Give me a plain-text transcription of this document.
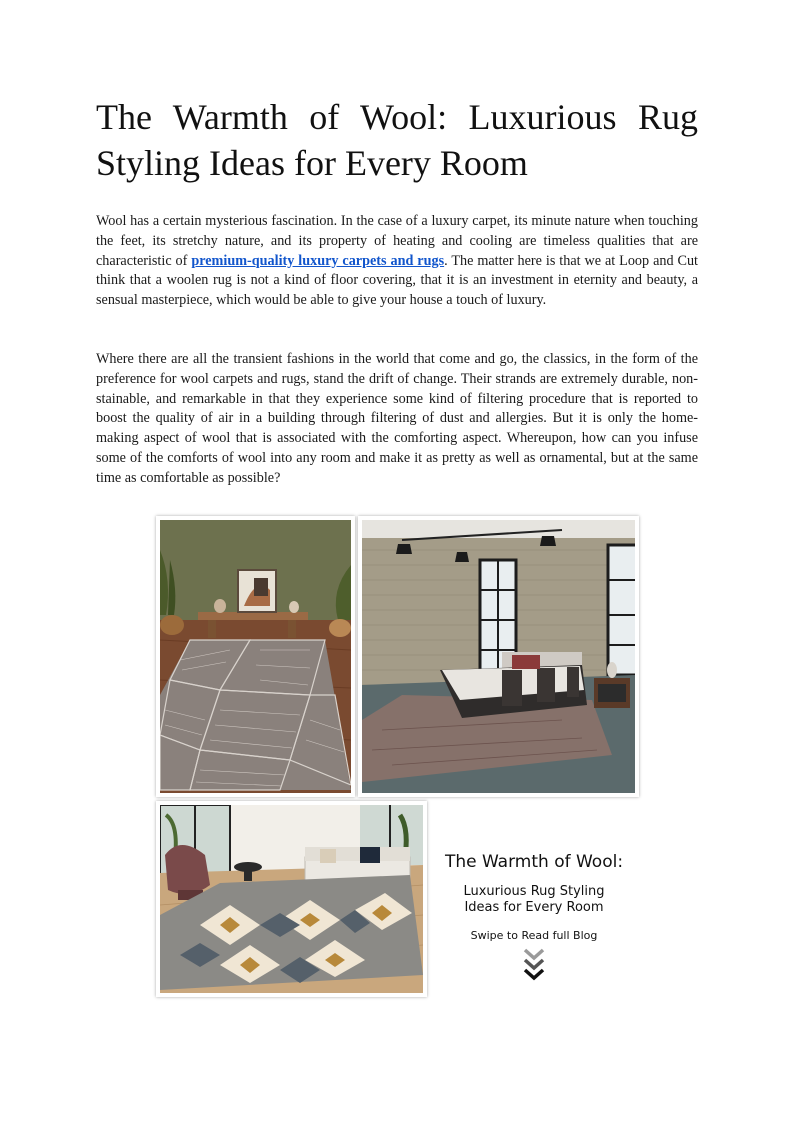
The Warmth of Wool: Luxurious Rug Styling Ideas for Every Room

Wool has a certain mysterious fascination. In the case of a luxury carpet, its minute nature when touching the feet, its stretchy nature, and its property of heating and cooling are timeless qualities that are characteristic of premium-quality luxury carpets and rugs. The matter here is that we at Loop and Cut think that a woolen rug is not a kind of floor covering, that it is an investment in eternity and beauty, a sensual masterpiece, which would be able to give your house a touch of luxury.

Where there are all the transient fashions in the world that come and go, the classics, in the form of the preference for wool carpets and rugs, stand the drift of change. Their strands are extremely durable, non-stainable, and remarkable in that they experience some kind of filtering procedure that is reported to boost the quality of air in a building through filtering of dust and allergies. But it is only the home-making aspect of wool that is associated with the comforting aspect. Whereupon, how can you infuse some of the comforts of wool into any room and make it as pretty as well as ornamental, but at the same time as comfortable as possible?

The Warmth of Wool:

Luxurious Rug Styling
Ideas for Every Room

Swipe to Read full Blog
